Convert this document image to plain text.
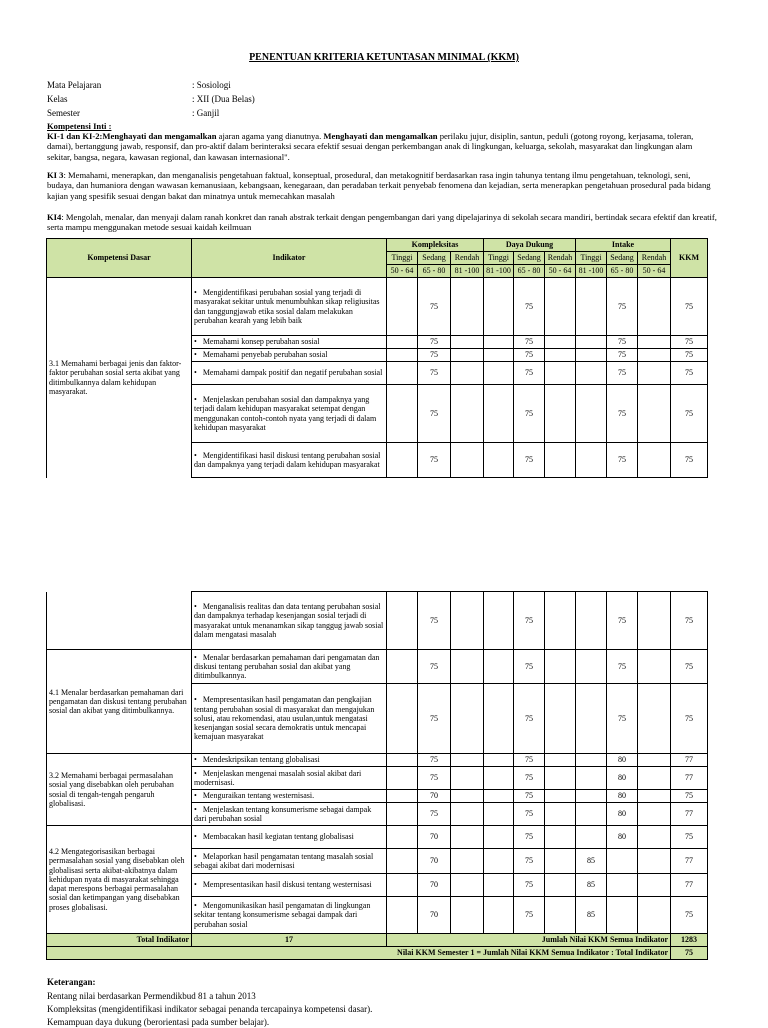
PENENTUAN KRITERIA KETUNTASAN MINIMAL (KKM)
Mata Pelajaran	: Sosiologi
Kelas	: XII (Dua Belas)
Semester	: Ganjil
Kompetensi Inti :
KI-1 dan KI-2:Menghayati dan mengamalkan ajaran agama yang dianutnya. Menghayati dan mengamalkan perilaku jujur, disiplin, santun, peduli (gotong royong, kerjasama, toleran, damai), bertanggung jawab, responsif, dan pro-aktif dalam berinteraksi secara efektif sesuai dengan perkembangan anak di lingkungan, keluarga, sekolah, masyarakat dan lingkungan alam sekitar, bangsa, negara, kawasan regional, dan kawasan internasional".
KI 3: Memahami, menerapkan, dan menganalisis pengetahuan faktual, konseptual, prosedural, dan metakognitif berdasarkan rasa ingin tahunya tentang ilmu pengetahuan, teknologi, seni, budaya, dan humaniora dengan wawasan kemanusiaan, kebangsaan, kenegaraan, dan peradaban terkait penyebab fenomena dan kejadian, serta menerapkan pengetahuan prosedural pada bidang kajian yang spesifik sesuai dengan bakat dan minatnya untuk memecahkan masalah
KI4: Mengolah, menalar, dan menyaji dalam ranah konkret dan ranah abstrak terkait dengan pengembangan dari yang dipelajarinya di sekolah secara mandiri, bertindak secara efektif dan kreatif, serta mampu menggunakan metode sesuai kaidah keilmuan
Kompetensi Dasar	Indikator	Kompleksitas			Daya Dukung			Intake			KKM
		Tinggi	Sedang	Rendah	Tinggi	Sedang	Rendah	Tinggi	Sedang	Rendah	
		50 - 64	65 - 80	81 -100	81 -100	65 - 80	50 - 64	81 -100	65 - 80	50 - 64	
3.1 Memahami berbagai jenis dan faktor-faktor perubahan sosial serta akibat yang ditimbulkannya dalam kehidupan masyarakat.	• Mengidentifikasi perubahan sosial yang terjadi di masyarakat sekitar untuk menumbuhkan sikap religiusitas dan tanggungjawab etika sosial dalam melakukan perubahan kearah yang lebih baik		75			75			75		75
	• Memahami konsep perubahan sosial		75			75			75		75
	• Memahami penyebab perubahan sosial		75			75			75		75
	• Memahami dampak positif dan negatif perubahan sosial		75			75			75		75
	• Menjelaskan perubahan sosial dan dampaknya yang terjadi dalam kehidupan masyarakat setempat dengan menggunakan contoh-contoh nyata yang terjadi di dalam kehidupan masyarakat		75			75			75		75
	• Mengidentifikasi hasil diskusi tentang perubahan sosial dan dampaknya yang terjadi dalam kehidupan masyarakat		75			75			75		75
	• Menganalisis realitas dan data tentang perubahan sosial dan dampaknya terhadap kesenjangan sosial terjadi di masyarakat untuk menanamkan sikap tanggug jawab sosial dalam mengatasi masalah		75			75			75		75
4.1 Menalar berdasarkan pemahaman dari pengamatan dan diskusi tentang perubahan sosial dan akibat yang ditimbulkannya.	• Menalar berdasarkan pemahaman dari pengamatan dan diskusi tentang perubahan sosial dan akibat yang ditimbulkannya.		75			75			75		75
	• Mempresentasikan hasil pengamatan dan pengkajian tentang perubahan sosial di masyarakat dan mengajukan solusi, atau rekomendasi, atau usulan,untuk mengatasi kesenjangan sosial secara demokratis untuk mencapai kemajuan masyarakat		75			75			75		75
3.2 Memahami berbagai permasalahan sosial yang disebabkan oleh perubahan sosial di tengah-tengah pengaruh globalisasi.	• Mendeskripsikan tentang globalisasi		75			75			80		77
	• Menjelaskan mengenai masalah sosial akibat dari modernisasi.		75			75			80		77
	• Menguraikan tentang westernisasi.		70			75			80		75
	• Menjelaskan tentang konsumerisme sebagai dampak dari perubahan sosial		75			75			80		77
4.2 Mengategorisasikan berbagai permasalahan sosial yang disebabkan oleh globalisasi serta akibat-akibatnya dalam kehidupan nyata di masyarakat sehingga dapat merespons berbagai permasalahan sosial dan ketimpangan yang disebabkan proses globalisasi.	• Membacakan hasil kegiatan tentang globalisasi		70			75			80		75
	• Melaporkan hasil pengamatan tentang masalah sosial sebagai akibat dari modernisasi		70			75		85			77
	• Mempresentasikan hasil diskusi tentang westernisasi		70			75		85			77
	• Mengomunikasikan hasil pengamatan di lingkungan sekitar tentang konsumerisme sebagai dampak dari perubahan sosial		70			75		85			75
Total Indikator	17	Jumlah Nilai KKM Semua Indikator									1283
Nilai KKM Semester 1 = Jumlah Nilai KKM Semua Indikator : Total Indikator											75
Keterangan:
Rentang nilai berdasarkan Permendikbud 81 a tahun 2013
Kompleksitas (mengidentifikasi indikator sebagai penanda tercapainya kompetensi dasar).
Kemampuan daya dukung (berorientasi pada sumber belajar).
